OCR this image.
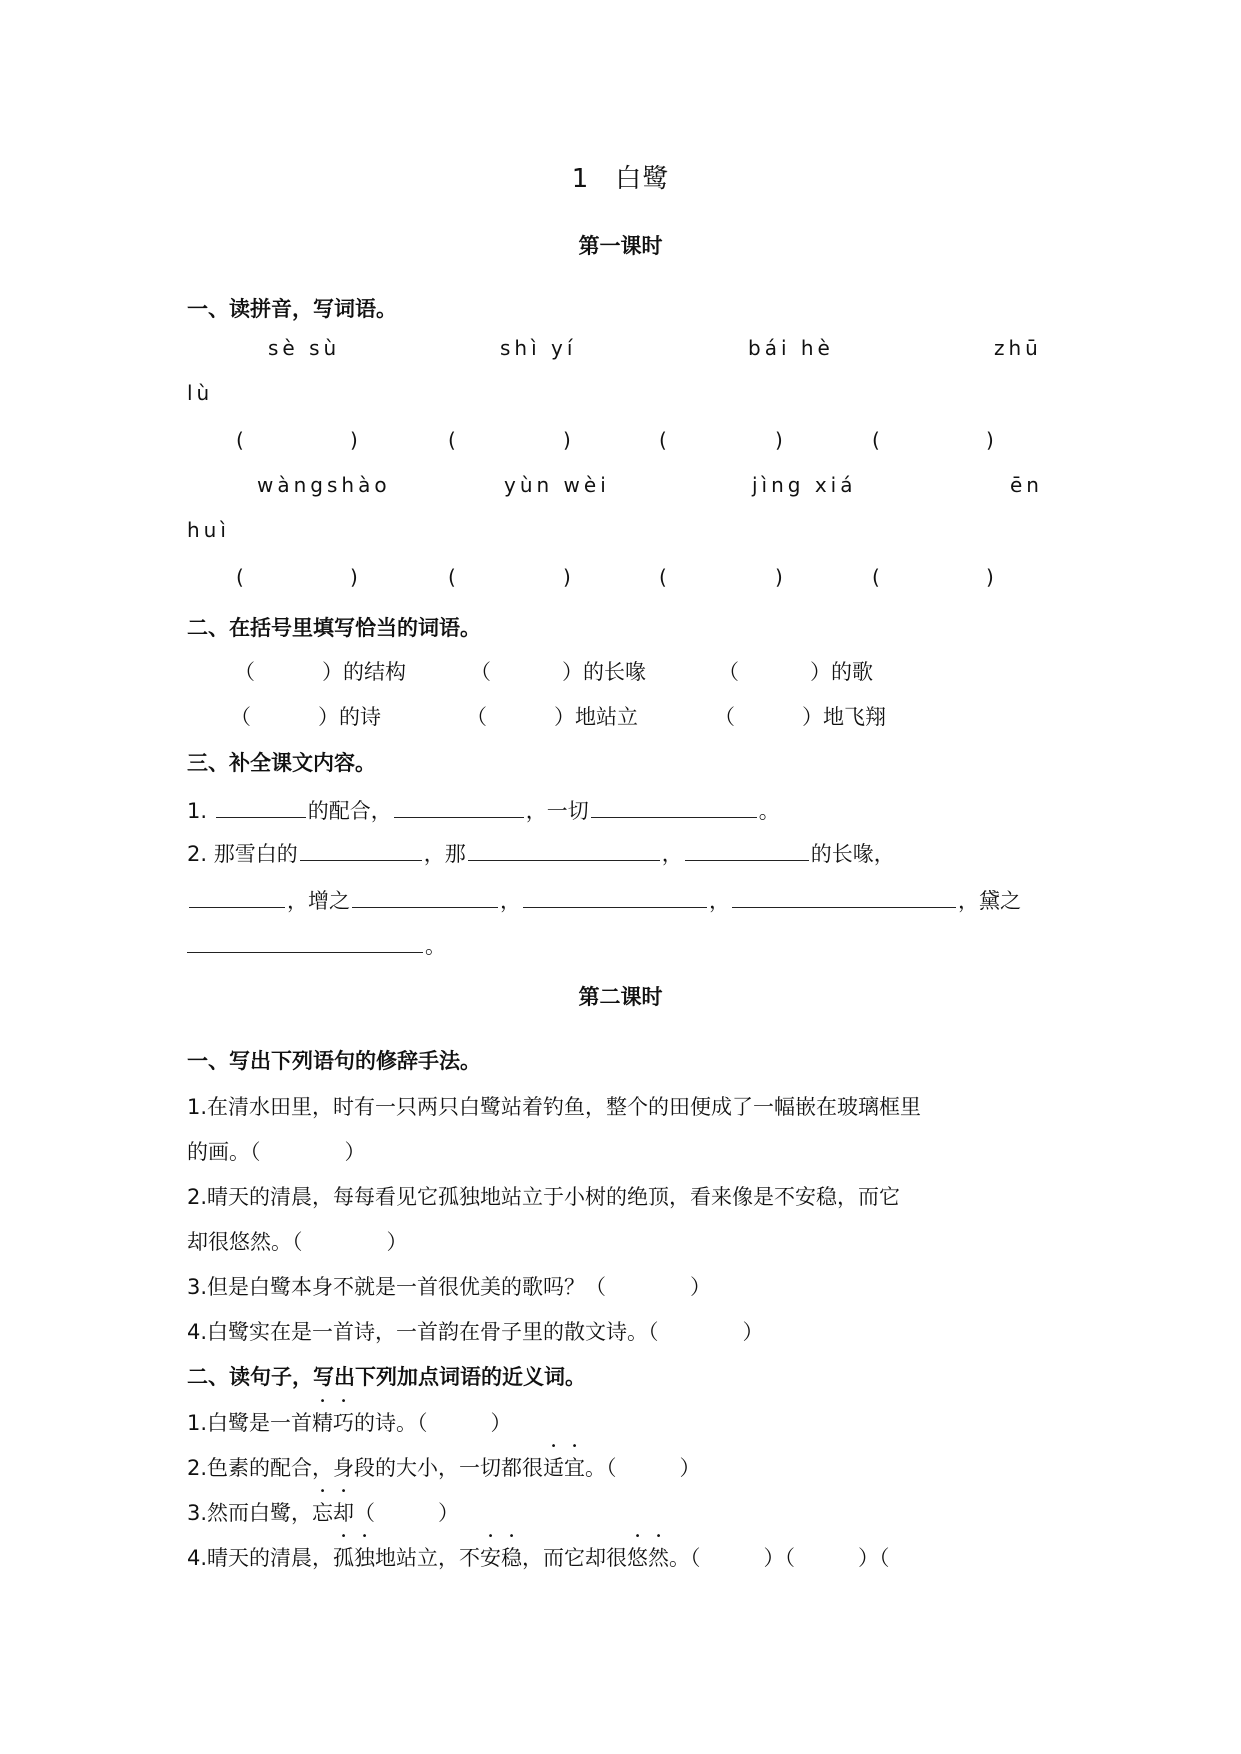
1 白鹭
第一课时
一、读拼音，写词语。
sè sù	shì yí	bái hè	zhū
lù
(	)	(	)	(	)	(	)
wàngshào	yùn wèi	jìng xiá	ēn
huì
(	)	(	)	(	)	(	)
二、在括号里填写恰当的词语。
（	）的结构	（	）的长喙	（	）的歌
（	）的诗	（	）地站立	（	）地飞翔
三、补全课文内容。
1.	的配合，	，一切	。
2. 那雪白的	，那	，	的长喙，
，增之	，	，	，黛之
。
第二课时
一、写出下列语句的修辞手法。
1.在清水田里，时有一只两只白鹭站着钓鱼，整个的田便成了一幅嵌在玻璃框里
的画。（　　　　）
2.晴天的清晨，每每看见它孤独地站立于小树的绝顶，看来像是不安稳，而它
却很悠然。（　　　　）
3.但是白鹭本身不就是一首很优美的歌吗？（　　　　）
4.白鹭实在是一首诗，一首韵在骨子里的散文诗。（　　　　）
二、读句子，写出下列加点词语的近义词。
1.白鹭是一首精巧的诗。（　　　）
2.色素的配合，身段的大小，一切都很适宜。（　　　）
3.然而白鹭，忘却（　　　）
4.晴天的清晨，孤独地站立，不安稳，而它却很悠然。（　　　）（　　　）（
